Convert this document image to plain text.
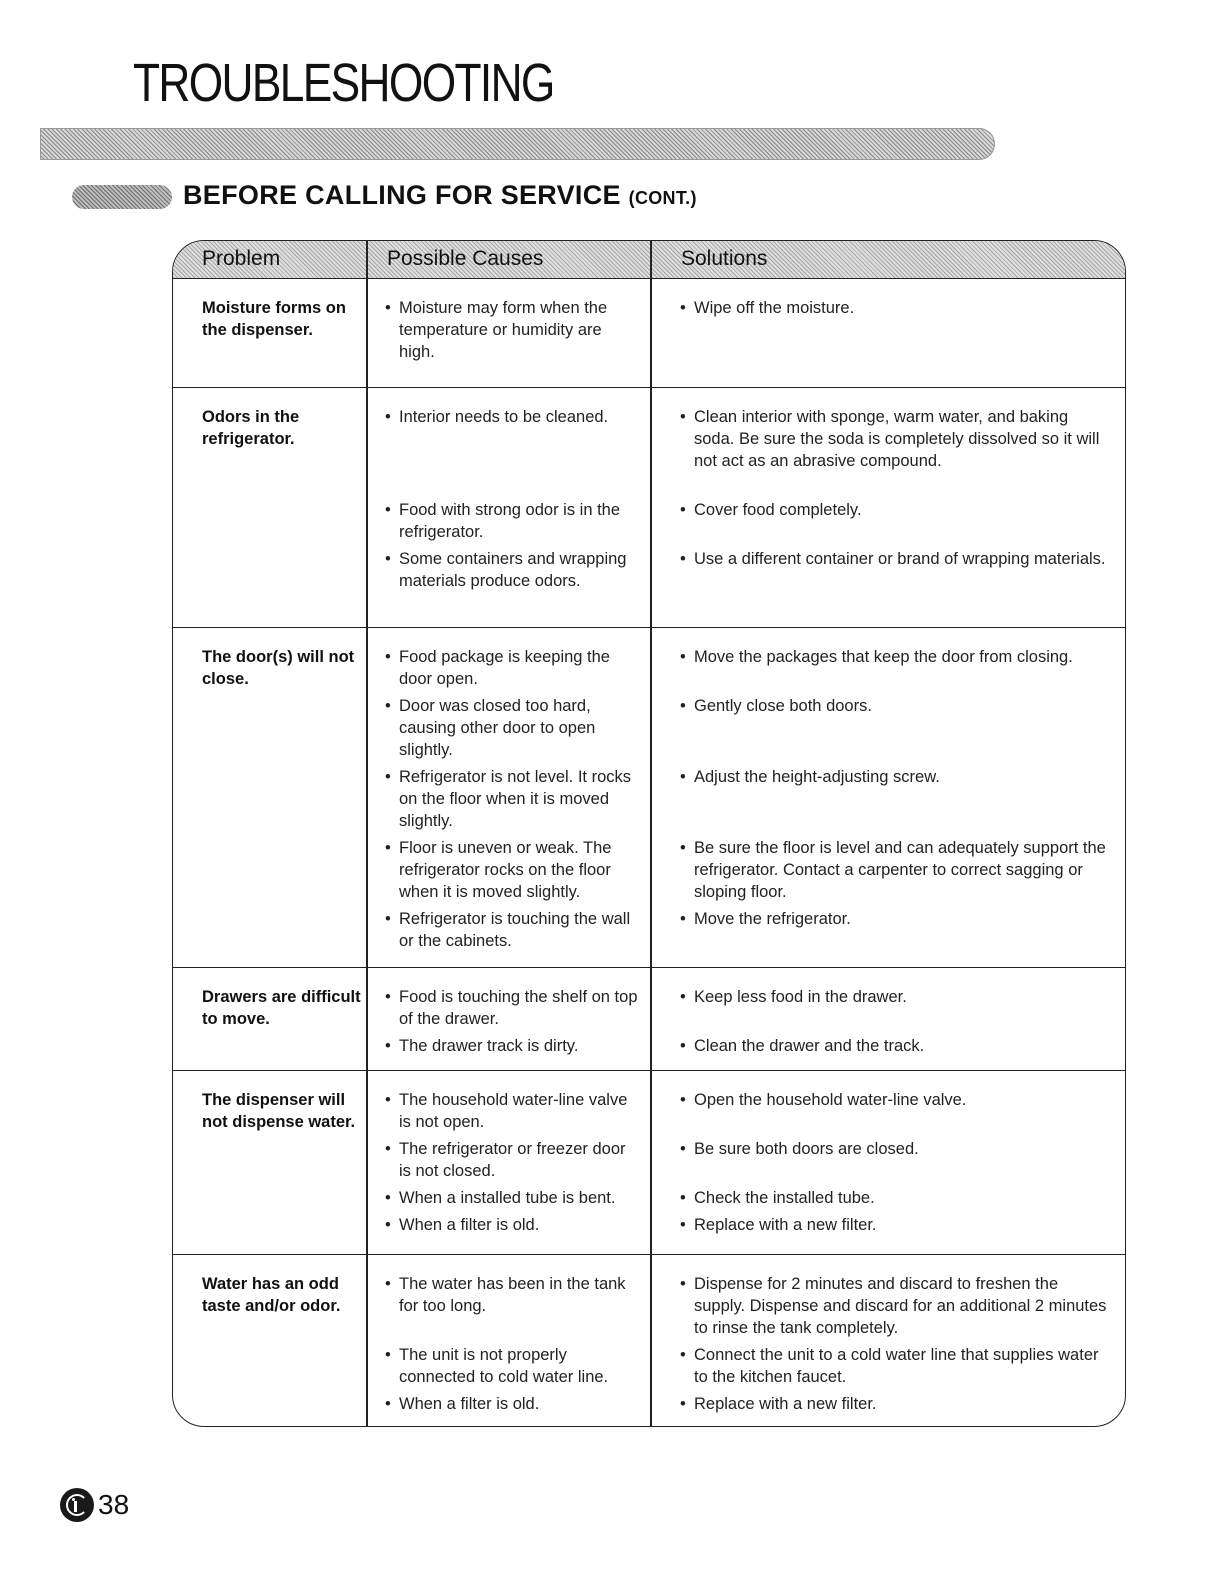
TROUBLESHOOTING
BEFORE CALLING FOR SERVICE (CONT.)
Problem	Possible Causes	Solutions
Moisture forms on the dispenser.
• Moisture may form when the temperature or humidity are high.
• Wipe off the moisture.
Odors in the refrigerator.
• Interior needs to be cleaned.
• Food with strong odor is in the refrigerator.
• Some containers and wrapping materials produce odors.
• Clean interior with sponge, warm water, and baking soda. Be sure the soda is completely dissolved so it will not act as an abrasive compound.
• Cover food completely.
• Use a different container or brand of wrapping materials.
The door(s) will not close.
• Food package is keeping the door open.
• Door was closed too hard, causing other door to open slightly.
• Refrigerator is not level. It rocks on the floor when it is moved slightly.
• Floor is uneven or weak. The refrigerator rocks on the floor when it is moved slightly.
• Refrigerator is touching the wall or the cabinets.
• Move the packages that keep the door from closing.
• Gently close both doors.
• Adjust the height-adjusting screw.
• Be sure the floor is level and can adequately support the refrigerator. Contact a carpenter to correct sagging or sloping floor.
• Move the refrigerator.
Drawers are difficult to move.
• Food is touching the shelf on top of the drawer.
• The drawer track is dirty.
• Keep less food in the drawer.
• Clean the drawer and the track.
The dispenser will not dispense water.
• The household water-line valve is not open.
• The refrigerator or freezer door is not closed.
• When a installed tube is bent.
• When a filter is old.
• Open the household water-line valve.
• Be sure both doors are closed.
• Check the installed tube.
• Replace with a new filter.
Water has an odd taste and/or odor.
• The water has been in the tank for too long.
• The unit is not properly connected to cold water line.
• When a filter is old.
• Dispense for 2 minutes and discard to freshen the supply. Dispense and discard for an additional 2 minutes to rinse the tank completely.
• Connect the unit to a cold water line that supplies water to the kitchen faucet.
• Replace with a new filter.
38
